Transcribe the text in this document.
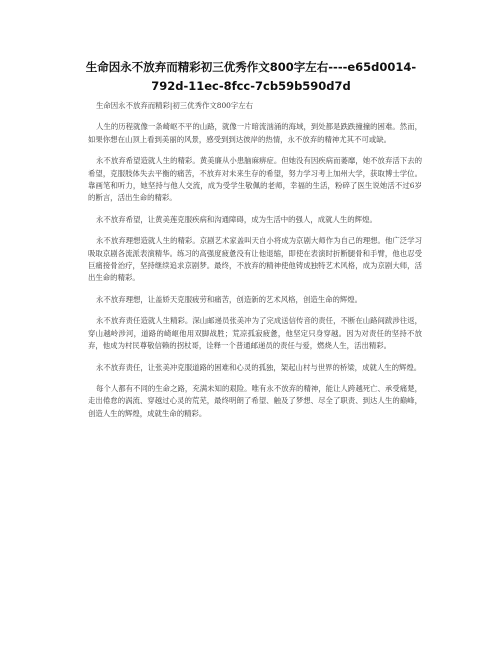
生命因永不放弃而精彩初三优秀作文800字左右----e65d0014-
792d-11ec-8fcc-7cb59b590d7d

生命因永不放弃而精彩|初三优秀作文800字左右

人生的历程就像一条崎岖不平的山路，就像一片暗流汹涌的海域，到处都是跌跌撞撞的困难。然而，如果你想在山顶上看到美丽的风景，感受到到达彼岸的热情，永不放弃的精神尤其不可或缺。

永不放弃希望造就人生的精彩。黄美廉从小患脑麻痹症。但她没有因疾病而萎靡，她不放弃活下去的希望，克服肢体失去平衡的痛苦，不放弃对未来生存的希望，努力学习考上加州大学，获取博士学位。靠画笔和听力，她坚持与他人交流，成为受学生敬佩的老师，幸福的生活，粉碎了医生说她活不过6岁的断言，活出生命的精彩。

永不放弃希望，让黄美莲克服疾病和沟通障碍，成为生活中的强人，成就人生的辉煌。

永不放弃理想造就人生的精彩。京剧艺术家盖叫天自小将成为京剧大师作为自己的理想。他广泛学习吸取京剧各流派表演精华。练习的高强度疲惫没有让他退缩，即使在表演时折断腿骨和手臂，他也忍受巨痛接骨治疗，坚持继续追求京剧梦。最终，不放弃的精神使他铸成独特艺术风格，成为京剧大师，活出生命的精彩。

永不放弃理想，让盖娇天克服疲劳和痛苦，创造新的艺术风格，创造生命的辉煌。

永不放弃责任造就人生精彩。深山邮递员张美冲为了完成送信传音的责任，不断在山路间跋涉往返，穿山越岭涉河，道路的崎岖他用双脚战胜；荒凉孤寂疲惫，他坚定只身穿越。因为对责任的坚持不放弃，他成为村民尊敬信赖的拐杖哥，诠释一个普通邮递员的责任与爱，燃烧人生，活出精彩。

永不放弃责任，让张美冲克服道路的困难和心灵的孤独，架起山村与世界的桥梁，成就人生的辉煌。

每个人都有不同的生命之路，充满未知的艰险。唯有永不放弃的精神，能让人跨越死亡、承受痛楚，走出倦怠的涡流、穿越过心灵的荒芜，最终明朗了希望、触及了梦想、尽全了职责、到达人生的巅峰，创造人生的辉煌，成就生命的精彩。
